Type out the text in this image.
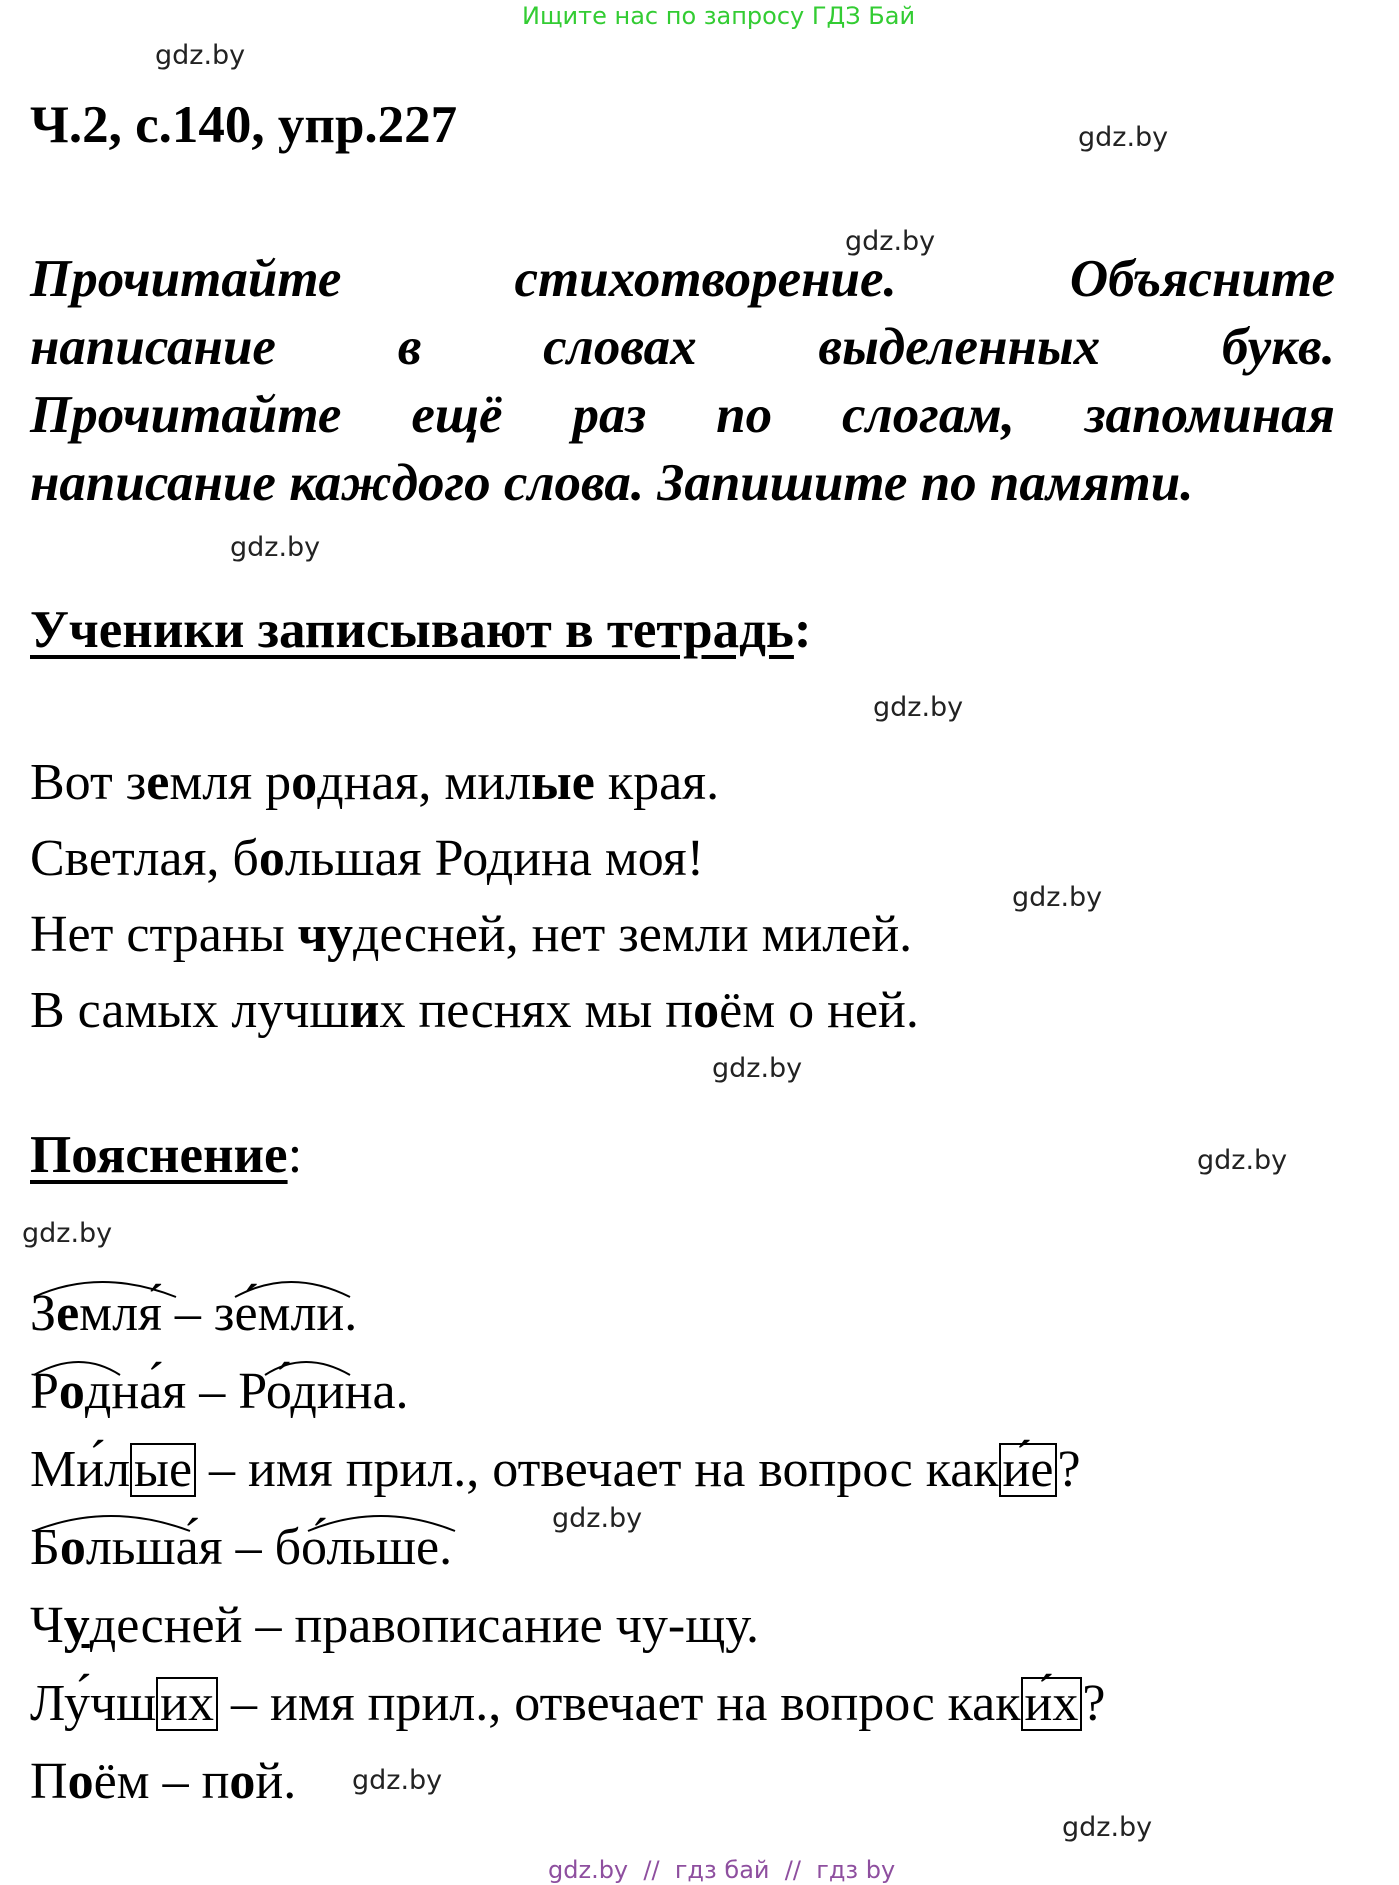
Ищите нас по запросу ГДЗ Бай
gdz.by
gdz.by
gdz.by
gdz.by
gdz.by
gdz.by
gdz.by
gdz.by
gdz.by
gdz.by
gdz.by
gdz.by
Ч.2, с.140, упр.227
Прочитайте	стихотворение.	Объясните
написание в словах выделенных букв.
Прочитайте ещё раз по слогам, запоминая
написание каждого слова. Запишите по памяти.
Ученики записывают в тетрадь:
Вот земля родная, милые края.
Светлая, большая Родина моя!
Нет страны чудесней, нет земли милей.
В самых лучших песнях мы поём о ней.
Пояснение:
Земля́ – зе́мли.
Родна́я – Ро́дина.
Ми́лые – имя прил., отвечает на вопрос каки́е?
Больша́я – бо́льше.
Чудесней – правописание чу-щу.
Лу́чших – имя прил., отвечает на вопрос каки́х?
Поём – пой.
gdz.by  //  гдз бай  //  гдз by
